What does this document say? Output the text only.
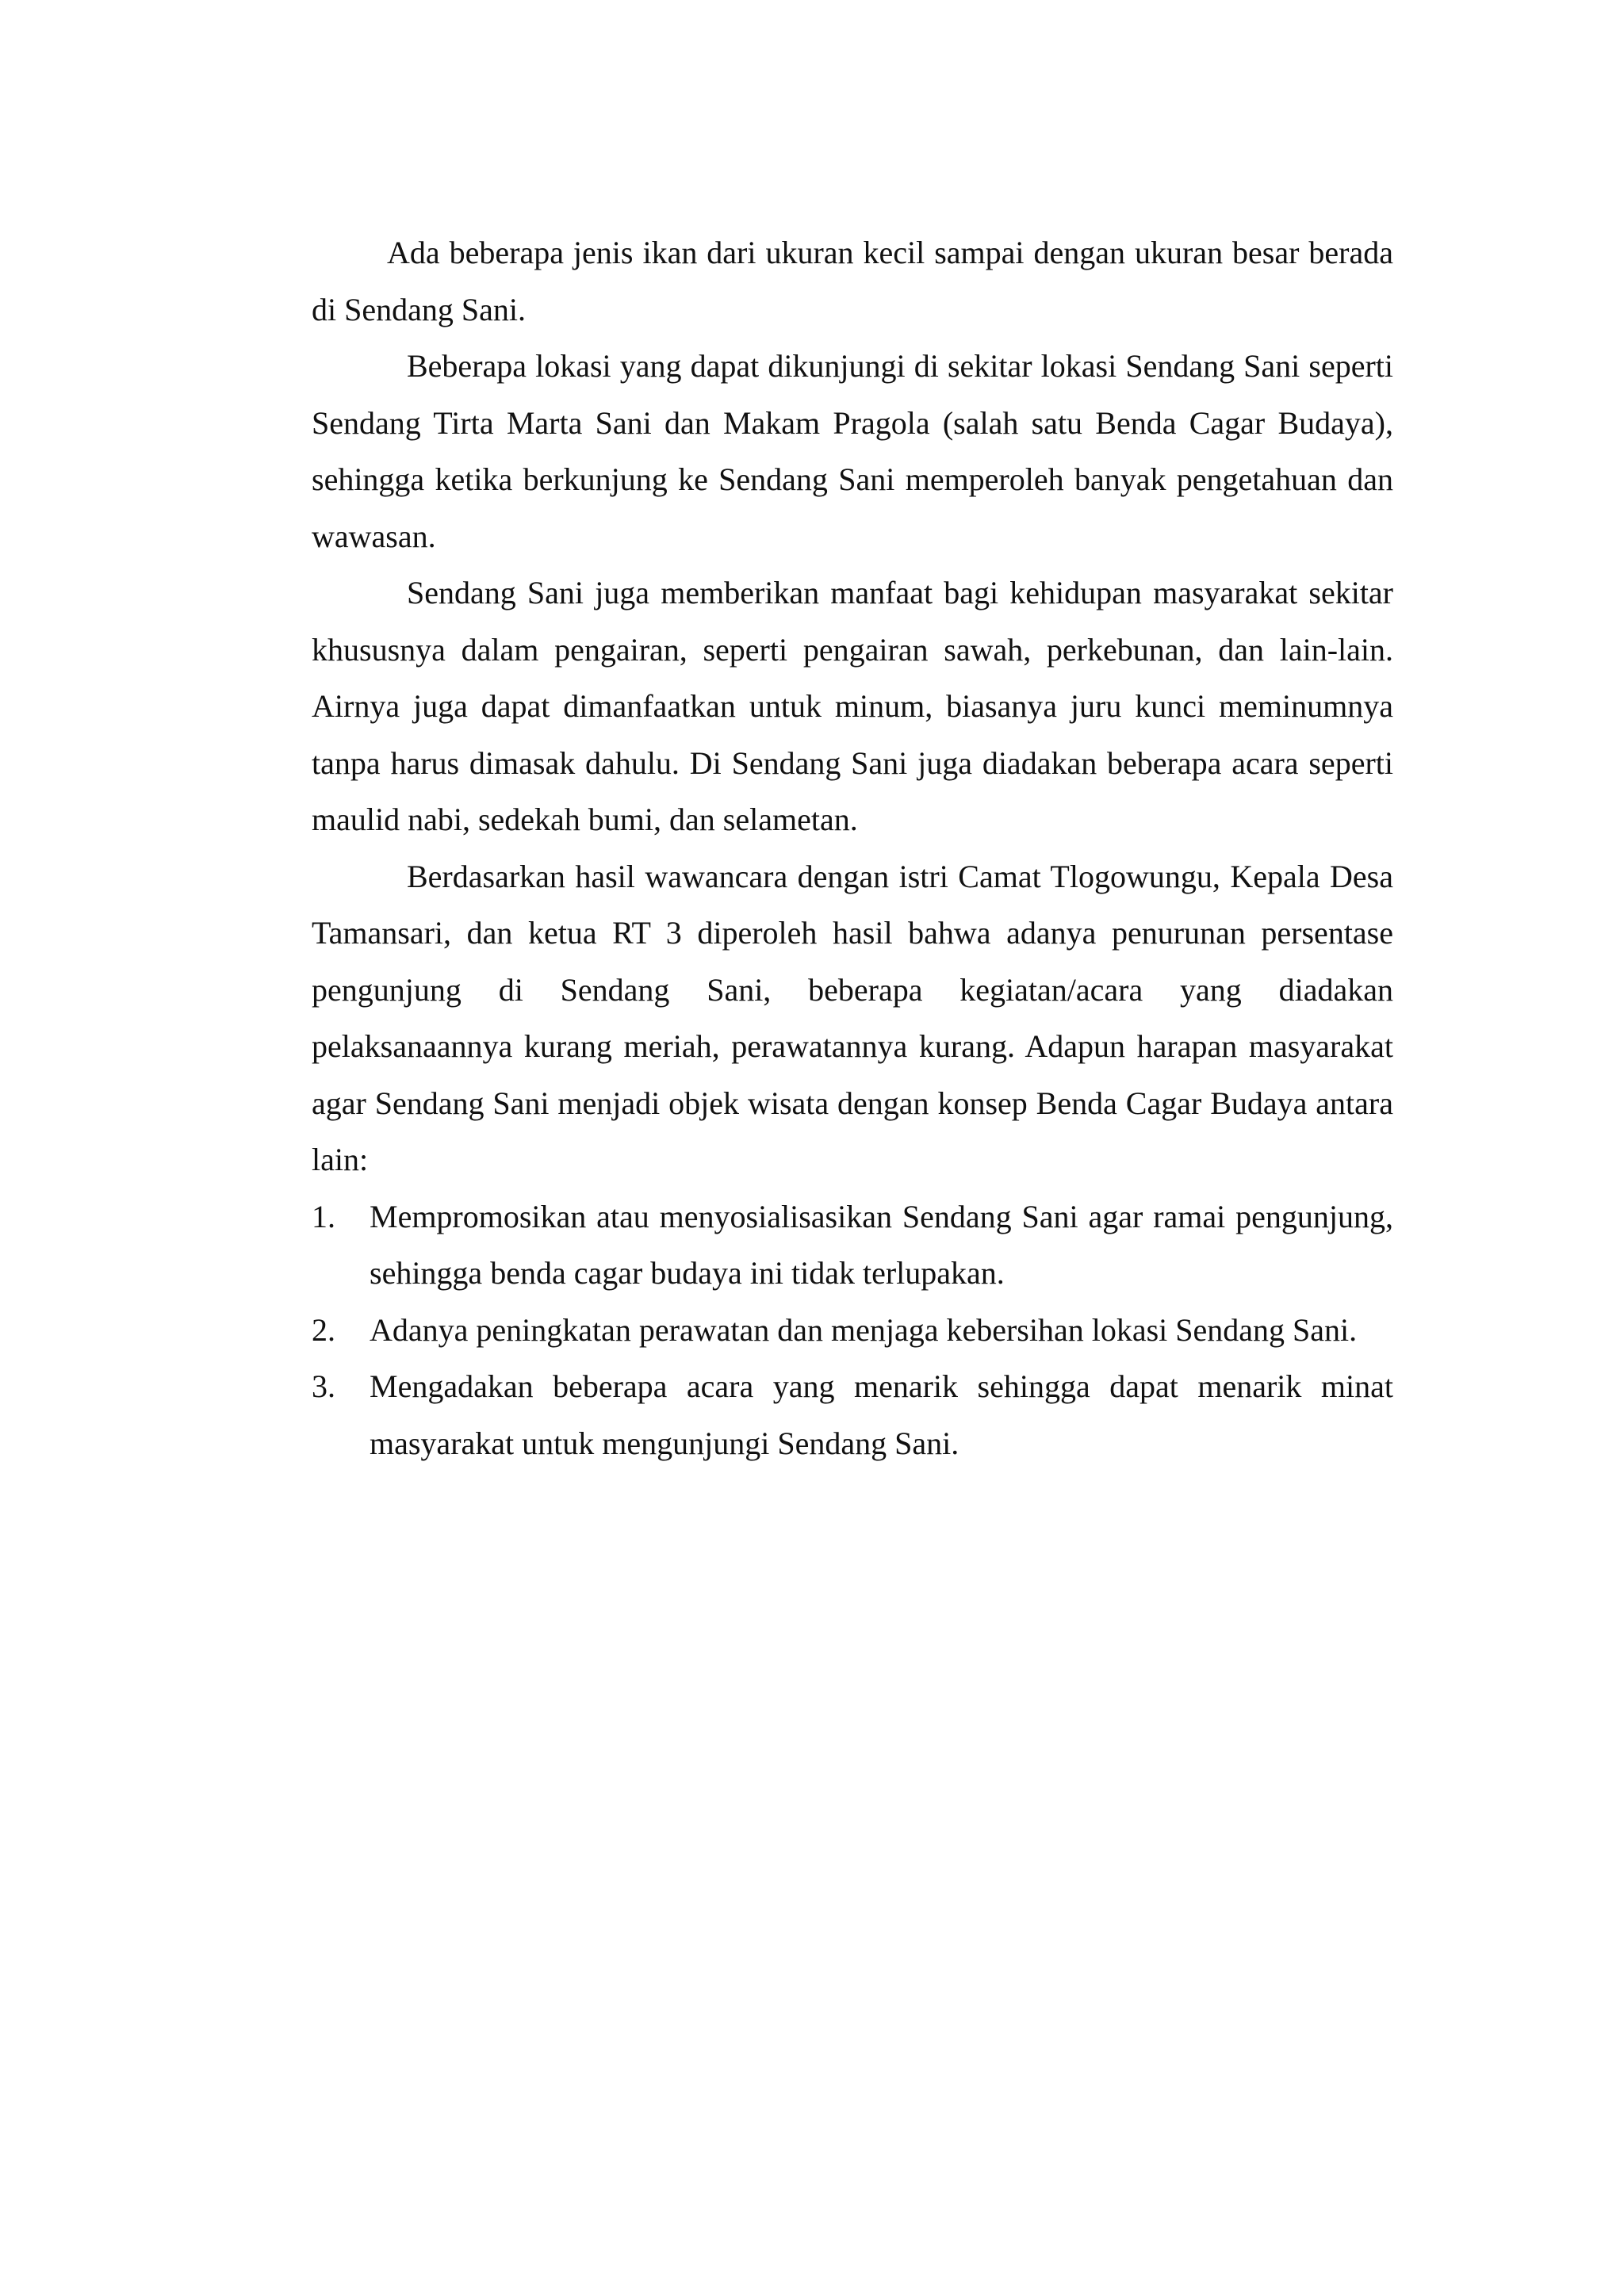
Ada beberapa jenis ikan dari ukuran kecil sampai dengan ukuran besar berada di Sendang Sani.

Beberapa lokasi yang dapat dikunjungi di sekitar lokasi Sendang Sani seperti Sendang Tirta Marta Sani dan Makam Pragola (salah satu Benda Cagar Budaya), sehingga ketika berkunjung ke Sendang Sani memperoleh banyak pengetahuan dan wawasan.

Sendang Sani juga memberikan manfaat bagi kehidupan masyarakat sekitar khususnya dalam pengairan, seperti pengairan sawah, perkebunan, dan lain-lain. Airnya juga dapat dimanfaatkan untuk minum, biasanya juru kunci meminumnya tanpa harus dimasak dahulu. Di Sendang Sani juga diadakan beberapa acara seperti maulid nabi, sedekah bumi, dan selametan.

Berdasarkan hasil wawancara dengan istri Camat Tlogowungu, Kepala Desa Tamansari, dan ketua RT 3 diperoleh hasil bahwa adanya penurunan persentase pengunjung di Sendang Sani, beberapa kegiatan/acara yang diadakan pelaksanaannya kurang meriah, perawatannya kurang. Adapun harapan masyarakat agar Sendang Sani menjadi objek wisata dengan konsep Benda Cagar Budaya antara lain:

1. Mempromosikan atau menyosialisasikan Sendang Sani agar ramai pengunjung, sehingga benda cagar budaya ini tidak terlupakan.
2. Adanya peningkatan perawatan dan menjaga kebersihan lokasi Sendang Sani.
3. Mengadakan beberapa acara yang menarik sehingga dapat menarik minat masyarakat untuk mengunjungi Sendang Sani.
